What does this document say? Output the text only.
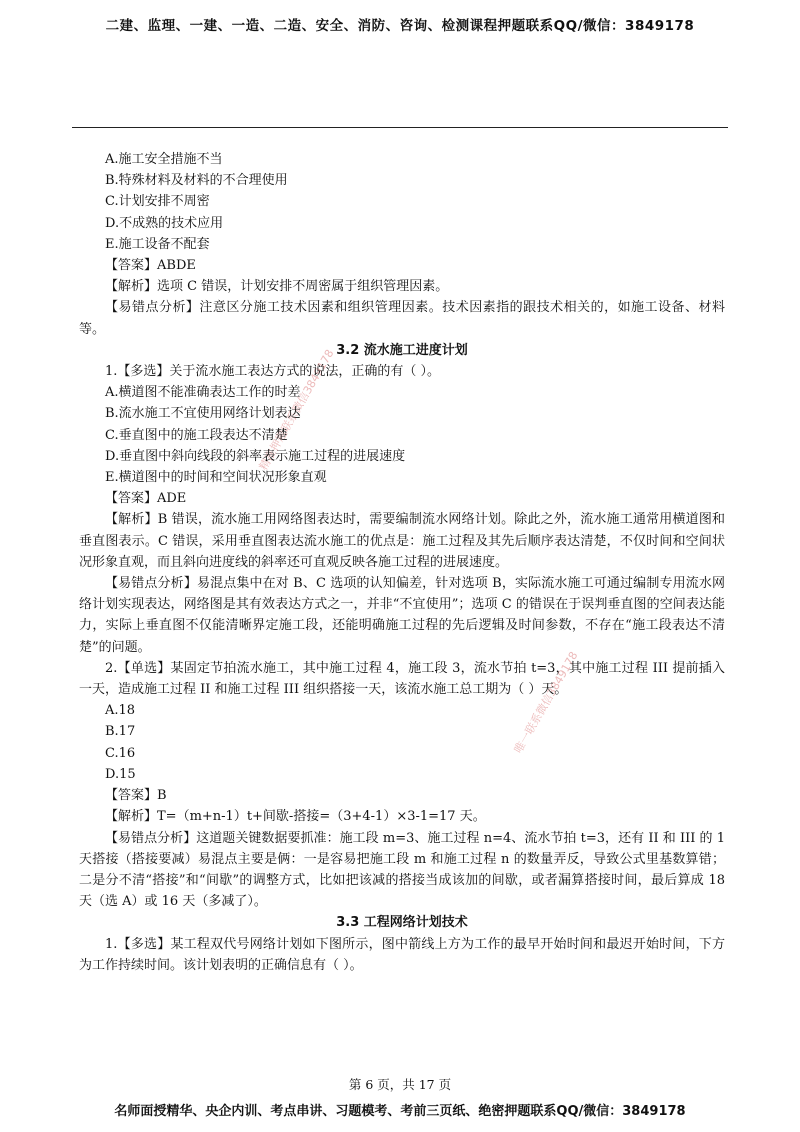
二建、监理、一建、一造、二造、安全、消防、咨询、检测课程押题联系QQ/微信：3849178
精准押题联系微信3849178
唯一联系微信3849178

A.施工安全措施不当

B.特殊材料及材料的不合理使用

C.计划安排不周密

D.不成熟的技术应用

E.施工设备不配套

【答案】ABDE

【解析】选项 C 错误，计划安排不周密属于组织管理因素。

【易错点分析】注意区分施工技术因素和组织管理因素。技术因素指的跟技术相关的，如施工设备、材料等。

3.2 流水施工进度计划

1.【多选】关于流水施工表达方式的说法，正确的有（ ）。

A.横道图不能准确表达工作的时差

B.流水施工不宜使用网络计划表达

C.垂直图中的施工段表达不清楚

D.垂直图中斜向线段的斜率表示施工过程的进展速度

E.横道图中的时间和空间状况形象直观

【答案】ADE

【解析】B 错误，流水施工用网络图表达时，需要编制流水网络计划。除此之外，流水施工通常用横道图和垂直图表示。C 错误，采用垂直图表达流水施工的优点是：施工过程及其先后顺序表达清楚，不仅时间和空间状况形象直观，而且斜向进度线的斜率还可直观反映各施工过程的进展速度。

【易错点分析】易混点集中在对 B、C 选项的认知偏差，针对选项 B，实际流水施工可通过编制专用流水网络计划实现表达，网络图是其有效表达方式之一，并非“不宜使用”；选项 C 的错误在于误判垂直图的空间表达能力，实际上垂直图不仅能清晰界定施工段，还能明确施工过程的先后逻辑及时间参数，不存在“施工段表达不清楚”的问题。

2.【单选】某固定节拍流水施工，其中施工过程 4，施工段 3，流水节拍 t=3，其中施工过程 III 提前插入一天，造成施工过程 II 和施工过程 III 组织搭接一天，该流水施工总工期为（ ）天。

A.18

B.17

C.16

D.15

【答案】B

【解析】T=（m+n-1）t+间歇-搭接=（3+4-1）×3-1=17 天。

【易错点分析】这道题关键数据要抓准：施工段 m=3、施工过程 n=4、流水节拍 t=3，还有 II 和 III 的 1 天搭接（搭接要减）易混点主要是俩：一是容易把施工段 m 和施工过程 n 的数量弄反，导致公式里基数算错；二是分不清“搭接”和“间歇”的调整方式，比如把该减的搭接当成该加的间歇，或者漏算搭接时间，最后算成 18 天（选 A）或 16 天（多减了）。

3.3 工程网络计划技术

1.【多选】某工程双代号网络计划如下图所示，图中箭线上方为工作的最早开始时间和最迟开始时间，下方为工作持续时间。该计划表明的正确信息有（ ）。

第 6 页，共 17 页
名师面授精华、央企内训、考点串讲、习题模考、考前三页纸、绝密押题联系QQ/微信：3849178
